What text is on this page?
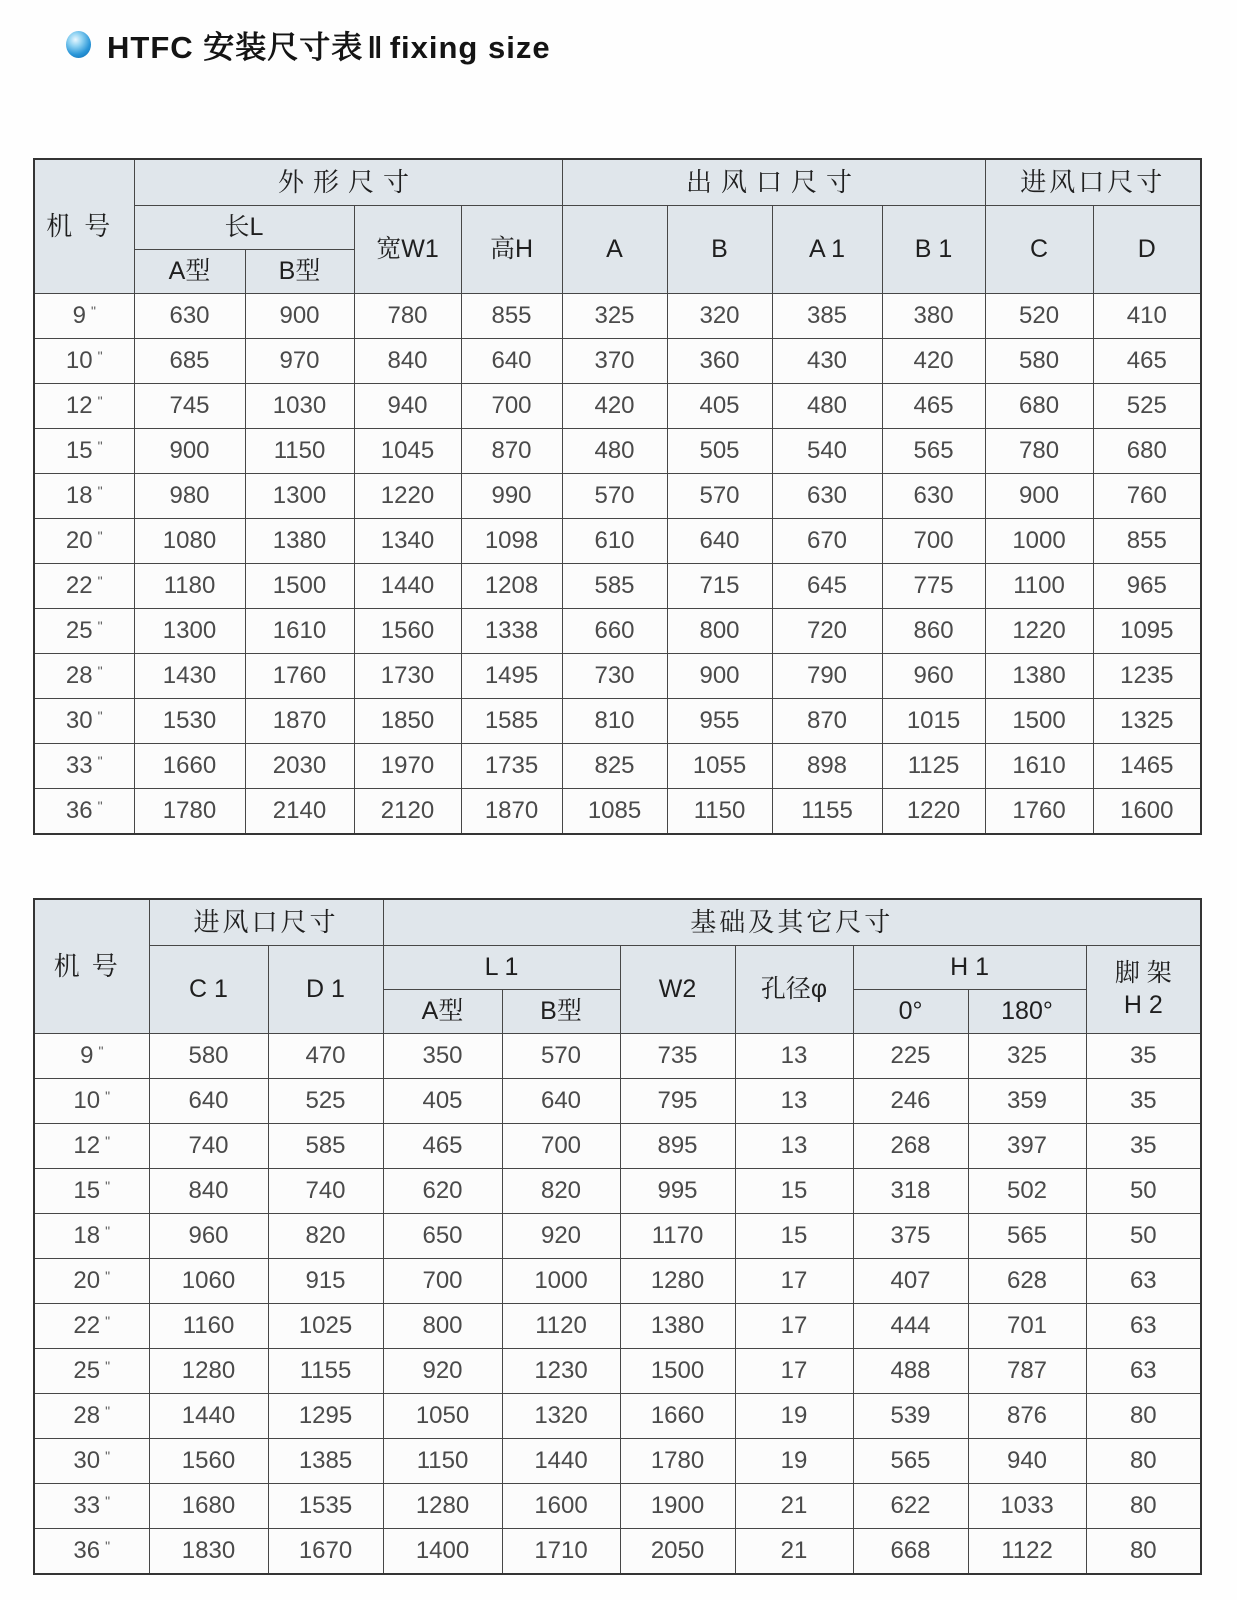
HTFC 安装尺寸表 ‖ fixing size
机号	外形尺寸				出风口尺寸				进风口尺寸	
	长L		宽W1	高H	A	B	A 1	B 1	C	D
	A型	B型								
9 "	630	900	780	855	325	320	385	380	520	410
10 "	685	970	840	640	370	360	430	420	580	465
12 "	745	1030	940	700	420	405	480	465	680	525
15 "	900	1150	1045	870	480	505	540	565	780	680
18 "	980	1300	1220	990	570	570	630	630	900	760
20 "	1080	1380	1340	1098	610	640	670	700	1000	855
22 "	1180	1500	1440	1208	585	715	645	775	1100	965
25 "	1300	1610	1560	1338	660	800	720	860	1220	1095
28 "	1430	1760	1730	1495	730	900	790	960	1380	1235
30 "	1530	1870	1850	1585	810	955	870	1015	1500	1325
33 "	1660	2030	1970	1735	825	1055	898	1125	1610	1465
36 "	1780	2140	2120	1870	1085	1150	1155	1220	1760	1600
机号	进风口尺寸		基础及其它尺寸						
	C 1	D 1	L 1		W2	孔径φ	H 1		脚 架
H 2

			A型	B型			0°	180°	
9 "	580	470	350	570	735	13	225	325	35
10 "	640	525	405	640	795	13	246	359	35
12 "	740	585	465	700	895	13	268	397	35
15 "	840	740	620	820	995	15	318	502	50
18 "	960	820	650	920	1170	15	375	565	50
20 "	1060	915	700	1000	1280	17	407	628	63
22 "	1160	1025	800	1120	1380	17	444	701	63
25 "	1280	1155	920	1230	1500	17	488	787	63
28 "	1440	1295	1050	1320	1660	19	539	876	80
30 "	1560	1385	1150	1440	1780	19	565	940	80
33 "	1680	1535	1280	1600	1900	21	622	1033	80
36 "	1830	1670	1400	1710	2050	21	668	1122	80
